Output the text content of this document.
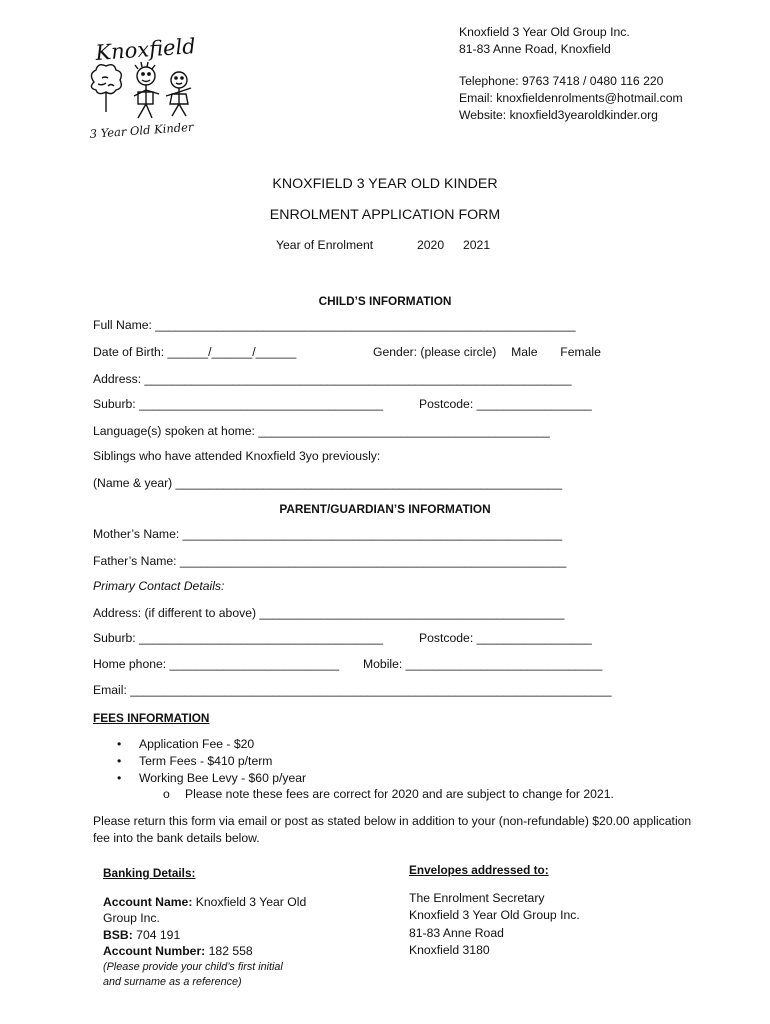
Knoxfield 3 Year Old Group Inc.
81-83 Anne Road, Knoxfield
Telephone: 9763 7418 / 0480 116 220
Email: knoxfieldenrolments@hotmail.com
Website: knoxfield3yearoldkinder.org
Knoxfield
3 Year Old Kinder
KNOXFIELD 3 YEAR OLD KINDER
ENROLMENT APPLICATION FORM
Year of Enrolment	2020 2021
CHILD’S INFORMATION
Full Name: ______________________________________________________________
Date of Birth: ______/______/______	Gender: (please circle) Male Female
Address: _______________________________________________________________
Suburb: ____________________________________	Postcode: _________________
Language(s) spoken at home: ___________________________________________
Siblings who have attended Knoxfield 3yo previously:
(Name & year) _________________________________________________________
PARENT/GUARDIAN’S INFORMATION
Mother’s Name: ________________________________________________________
Father’s Name: _________________________________________________________
Primary Contact Details:
Address: (if different to above) _____________________________________________
Suburb: ____________________________________	Postcode: _________________
Home phone: _________________________ Mobile: _____________________________
Email: _______________________________________________________________________
FEES INFORMATION
• Application Fee - $20
• Term Fees - $410 p/term
• Working Bee Levy - $60 p/year
o Please note these fees are correct for 2020 and are subject to change for 2021.
Please return this form via email or post as stated below in addition to your (non-refundable) $20.00 application fee into the bank details below.
Banking Details:
Account Name: Knoxfield 3 Year Old
Group Inc.
BSB: 704 191
Account Number: 182 558
(Please provide your child’s first initial
and surname as a reference)
Envelopes addressed to:
The Enrolment Secretary
Knoxfield 3 Year Old Group Inc.
81-83 Anne Road
Knoxfield 3180
